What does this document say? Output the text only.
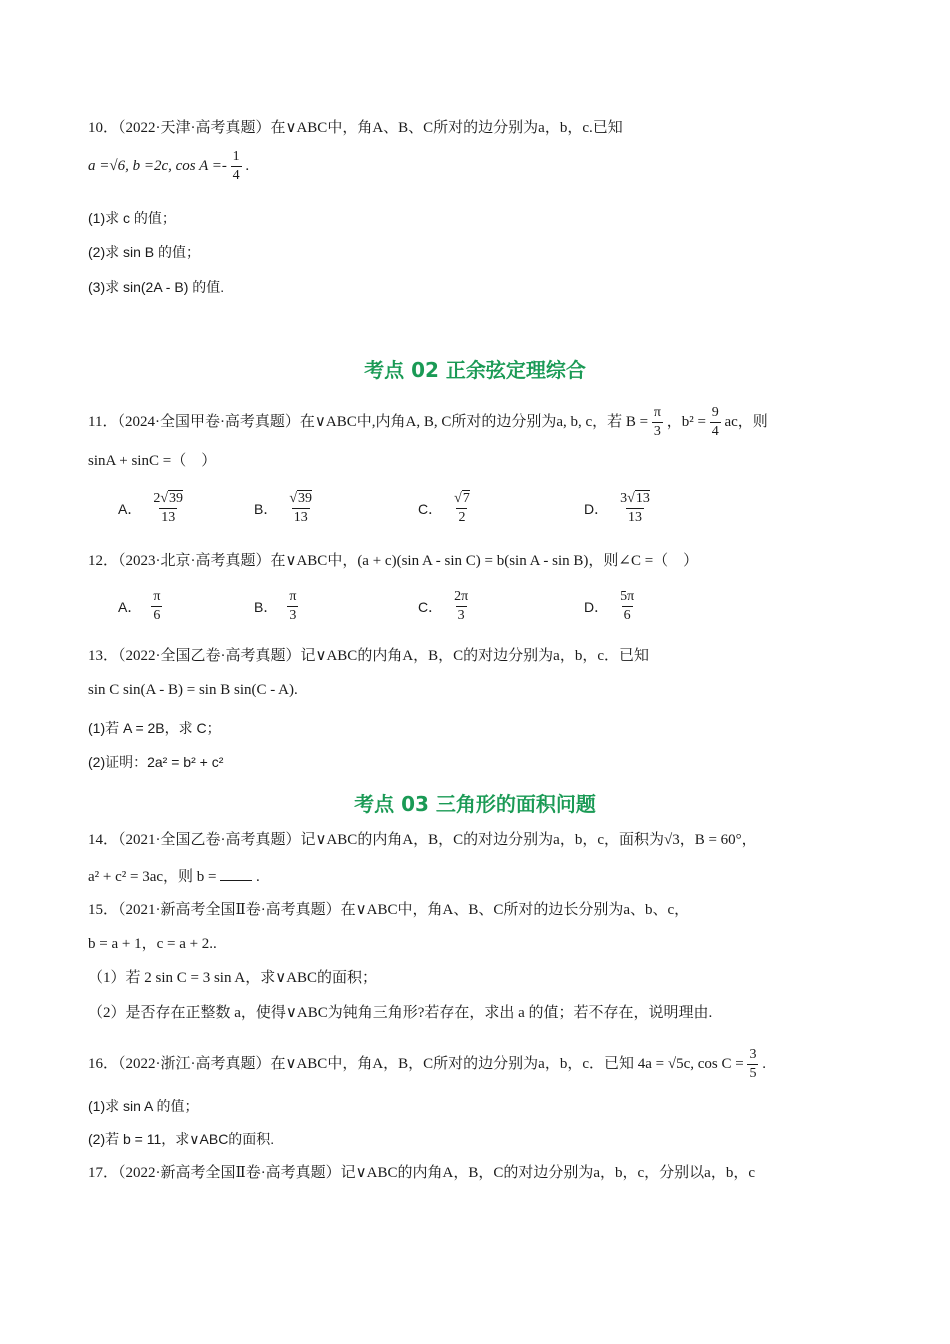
10．（2022·天津·高考真题）在∨ABC中，角A、B、C所对的边分别为a，b，c.已知
a =√6, b =2c, $\cos A =- \frac{1}{4}$ .
(1)求 c 的值；
(2)求 sin B 的值；
(3)求 sin(2A - B) 的值.
考点 02 正余弦定理综合
11．（2024·全国甲卷·高考真题）在∨ABC中,内角A, B, C所对的边分别为a, b, c，若 $B = \frac{\pi}{3}$ ，$b^2 = \frac{9}{4}$ ac，则
sinA + sinC =（　）
A． $\frac{2√39}{13}$	B． $\frac{√39}{13}$	C． $\frac{√7}{2}$	D． $\frac{3√13}{13}$
12．（2023·北京·高考真题）在∨ABC中，(a + c)(sin A - sin C) = b(sin A - sin B)，则∠C =（　）
A． $\frac{\pi}{6}$	B． $\frac{\pi}{3}$	C． $\frac{2\pi}{3}$	D． $\frac{5\pi}{6}$
13．（2022·全国乙卷·高考真题）记∨ABC的内角A，B，C的对边分别为a，b，c．已知
sin C sin(A - B) = sin B sin(C - A).
(1)若 A = 2B，求 C；
(2)证明：2a² = b² + c²
考点 03 三角形的面积问题
14．（2021·全国乙卷·高考真题）记∨ABC的内角A，B，C的对边分别为a，b，c，面积为√3，B = 60°，
a² + c² = 3ac，则 b =	.
15．（2021·新高考全国Ⅱ卷·高考真题）在∨ABC中，角A、B、C所对的边长分别为a、b、c，
b = a + 1，c = a + 2..
（1）若 2 sin C = 3 sin A，求∨ABC的面积；
（2）是否存在正整数 a，使得∨ABC为钝角三角形?若存在，求出 a 的值；若不存在，说明理由.
16．（2022·浙江·高考真题）在∨ABC中，角A，B，C所对的边分别为a，b，c．已知 4a = √5c, $\cos C = \frac{3}{5}$ .
(1)求 sin A 的值；
(2)若 b = 11，求∨ABC的面积.
17．（2022·新高考全国Ⅱ卷·高考真题）记∨ABC的内角A，B，C的对边分别为a，b，c，分别以a，b，c
